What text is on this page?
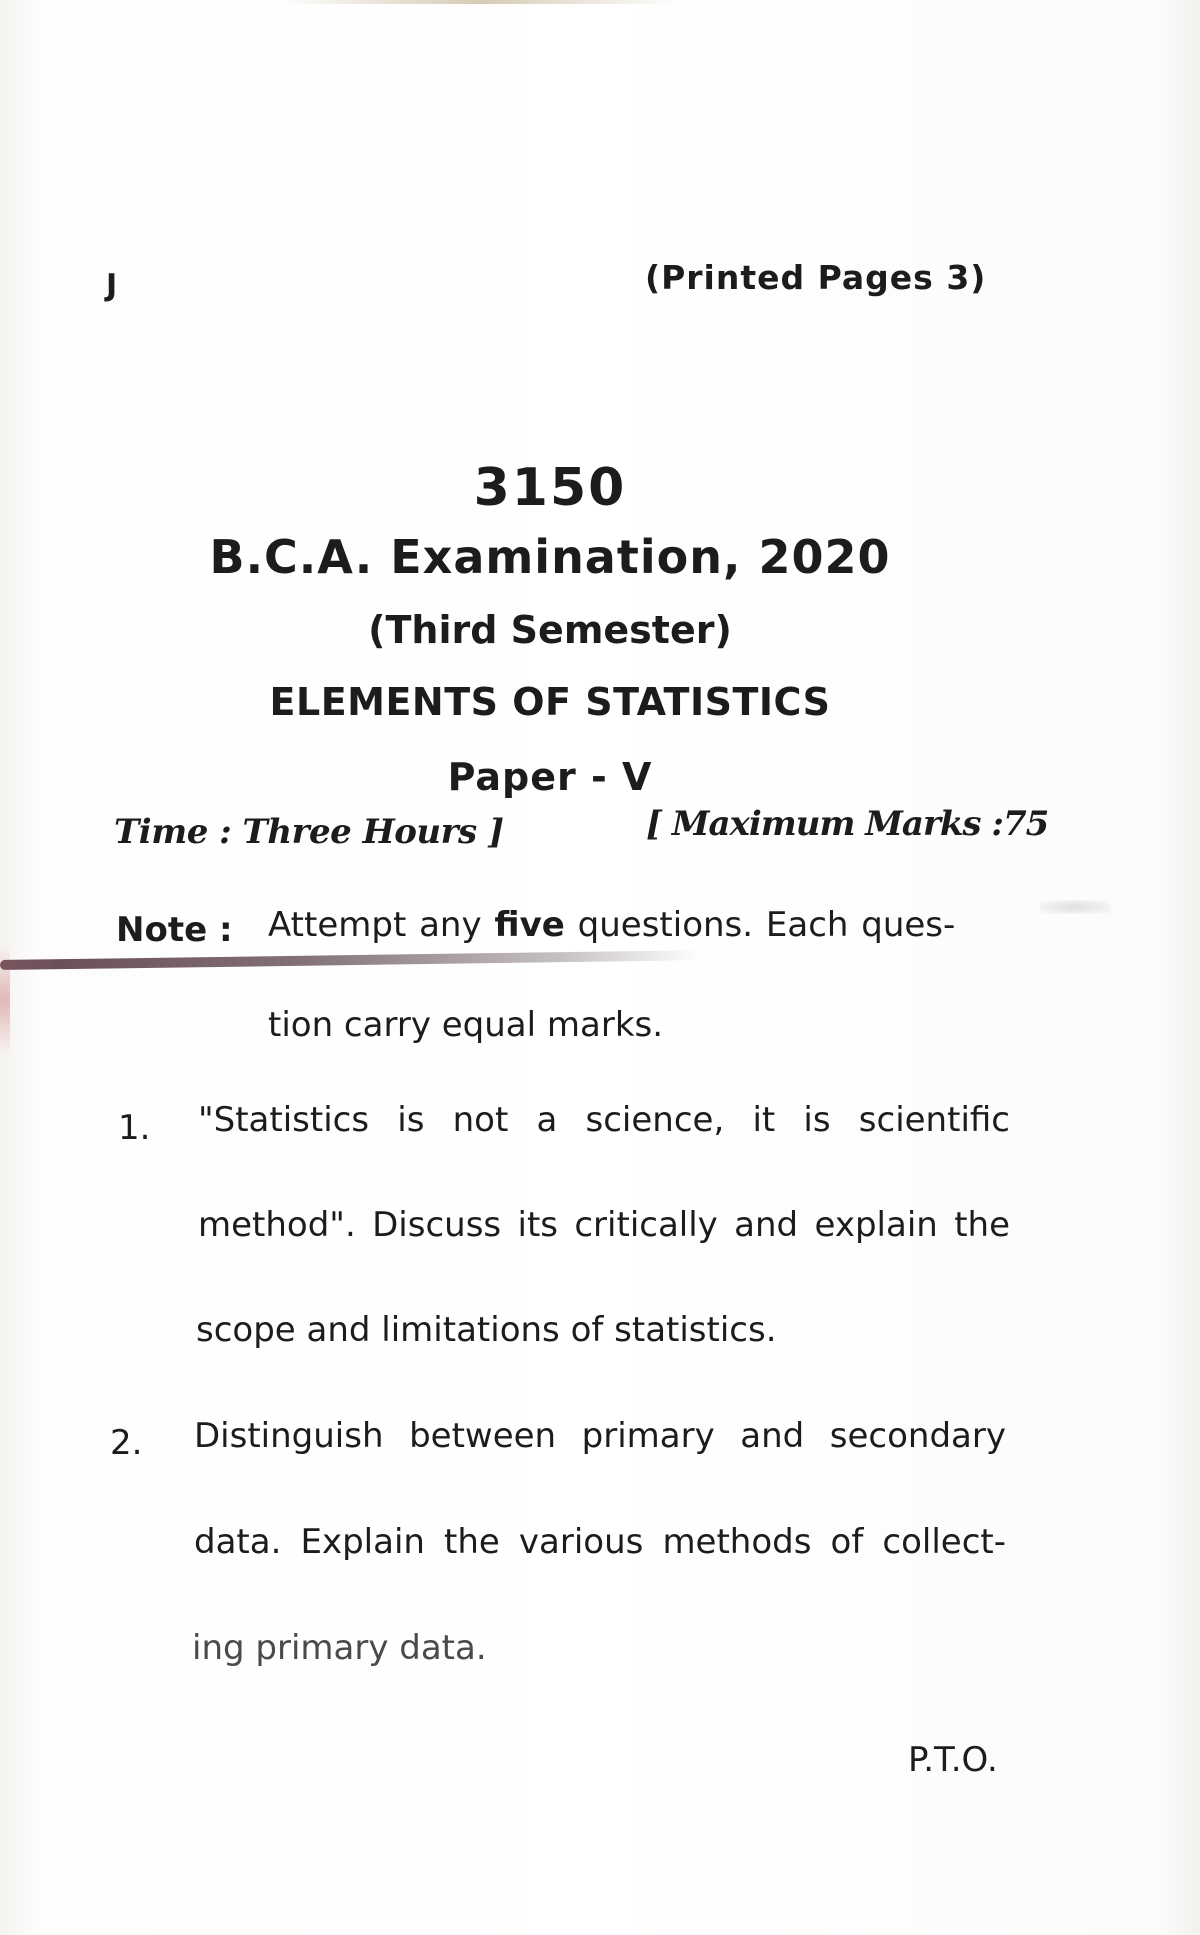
J	(Printed Pages 3)
3150
B.C.A. Examination, 2020
(Third Semester)
ELEMENTS OF STATISTICS
Paper - V
Time : Three Hours ]	[ Maximum Marks :75
Note : Attempt any five questions. Each ques-
tion carry equal marks.
1. "Statistics is not a science, it is scientific
method". Discuss its critically and explain the
scope and limitations of statistics.
2. Distinguish between primary and secondary
data. Explain the various methods of collect-
ing primary data.
P.T.O.
